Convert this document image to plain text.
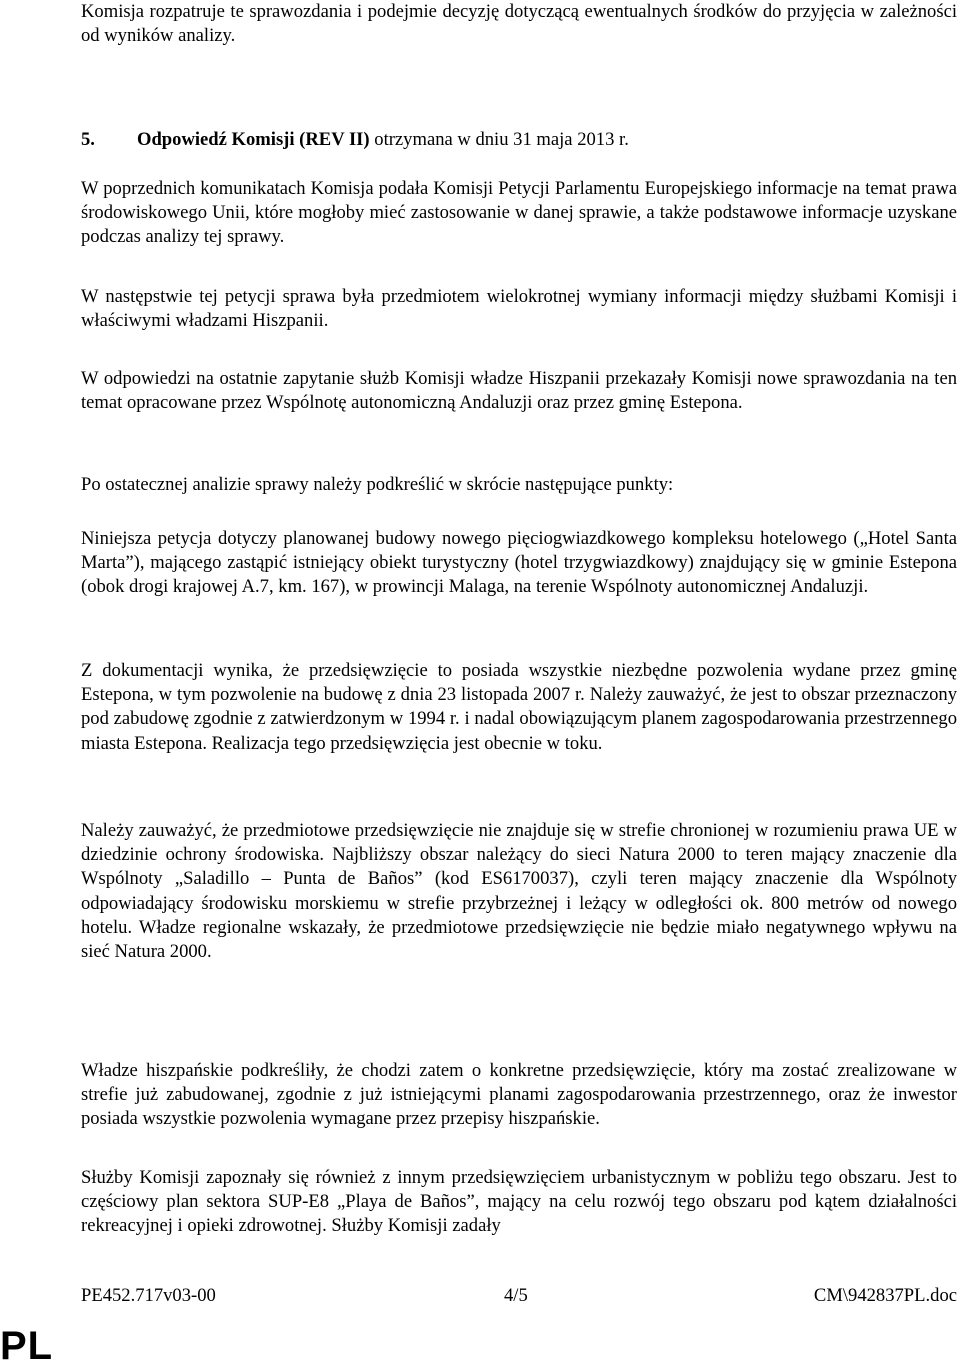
Komisja rozpatruje te sprawozdania i podejmie decyzję dotyczącą ewentualnych środków do przyjęcia w zależności od wyników analizy.

5. Odpowiedź Komisji (REV II) otrzymana w dniu 31 maja 2013 r.

W poprzednich komunikatach Komisja podała Komisji Petycji Parlamentu Europejskiego informacje na temat prawa środowiskowego Unii, które mogłoby mieć zastosowanie w danej sprawie, a także podstawowe informacje uzyskane podczas analizy tej sprawy.

W następstwie tej petycji sprawa była przedmiotem wielokrotnej wymiany informacji między służbami Komisji i właściwymi władzami Hiszpanii.

W odpowiedzi na ostatnie zapytanie służb Komisji władze Hiszpanii przekazały Komisji nowe sprawozdania na ten temat opracowane przez Wspólnotę autonomiczną Andaluzji oraz przez gminę Estepona.

Po ostatecznej analizie sprawy należy podkreślić w skrócie następujące punkty:

Niniejsza petycja dotyczy planowanej budowy nowego pięciogwiazdkowego kompleksu hotelowego („Hotel Santa Marta”), mającego zastąpić istniejący obiekt turystyczny (hotel trzygwiazdkowy) znajdujący się w gminie Estepona (obok drogi krajowej A.7, km. 167), w prowincji Malaga, na terenie Wspólnoty autonomicznej Andaluzji.

Z dokumentacji wynika, że przedsięwzięcie to posiada wszystkie niezbędne pozwolenia wydane przez gminę Estepona, w tym pozwolenie na budowę z dnia 23 listopada 2007 r. Należy zauważyć, że jest to obszar przeznaczony pod zabudowę zgodnie z zatwierdzonym w 1994 r. i nadal obowiązującym planem zagospodarowania przestrzennego miasta Estepona. Realizacja tego przedsięwzięcia jest obecnie w toku.

Należy zauważyć, że przedmiotowe przedsięwzięcie nie znajduje się w strefie chronionej w rozumieniu prawa UE w dziedzinie ochrony środowiska. Najbliższy obszar należący do sieci Natura 2000 to teren mający znaczenie dla Wspólnoty „Saladillo – Punta de Baños” (kod ES6170037), czyli teren mający znaczenie dla Wspólnoty odpowiadający środowisku morskiemu w strefie przybrzeżnej i leżący w odległości ok. 800 metrów od nowego hotelu. Władze regionalne wskazały, że przedmiotowe przedsięwzięcie nie będzie miało negatywnego wpływu na sieć Natura 2000.

Władze hiszpańskie podkreśliły, że chodzi zatem o konkretne przedsięwzięcie, który ma zostać zrealizowane w strefie już zabudowanej, zgodnie z już istniejącymi planami zagospodarowania przestrzennego, oraz że inwestor posiada wszystkie pozwolenia wymagane przez przepisy hiszpańskie.

Służby Komisji zapoznały się również z innym przedsięwzięciem urbanistycznym w pobliżu tego obszaru. Jest to częściowy plan sektora SUP-E8 „Playa de Baños”, mający na celu rozwój tego obszaru pod kątem działalności rekreacyjnej i opieki zdrowotnej. Służby Komisji zadały

PE452.717v03-00	4/5	CM\942837PL.doc
PL
